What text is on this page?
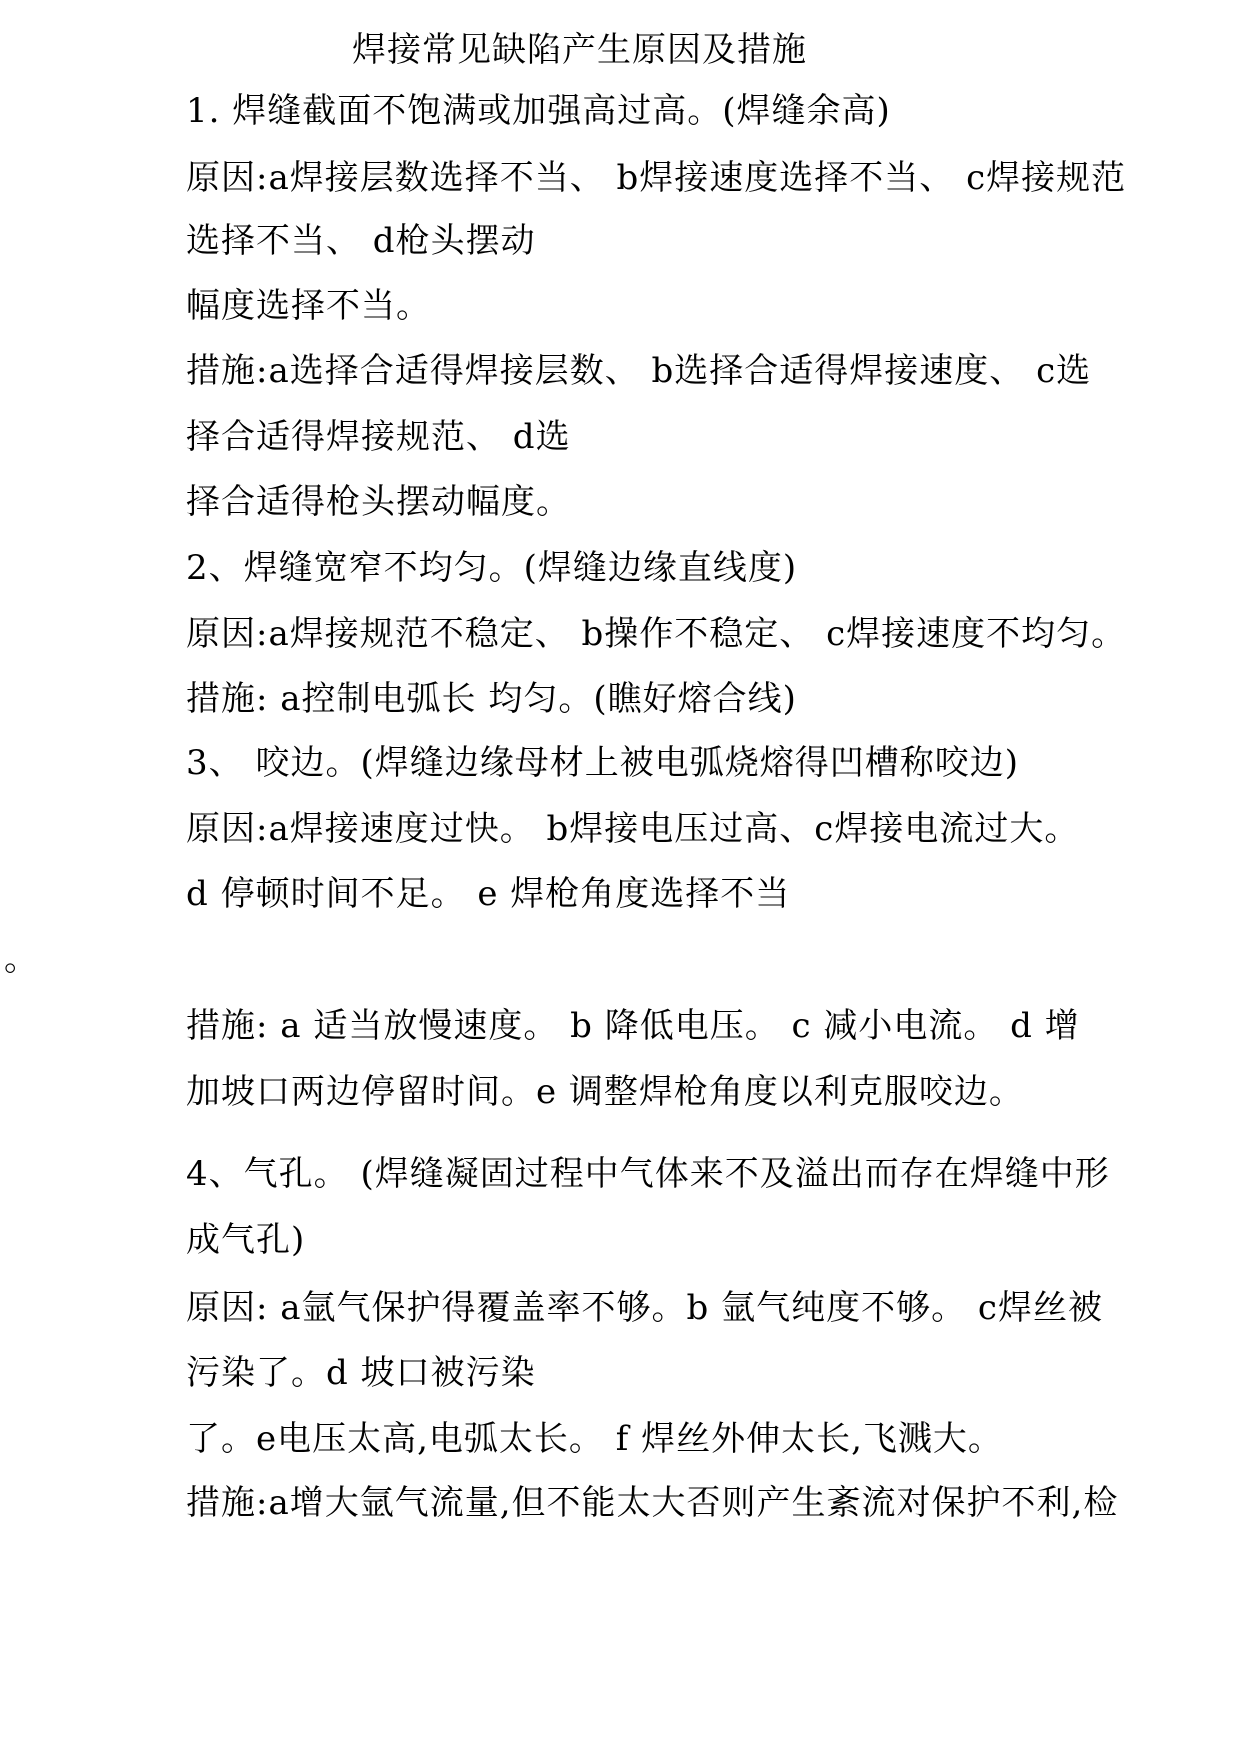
焊接常见缺陷产生原因及措施
1. 焊缝截面不饱满或加强高过高。(焊缝余高)
原因:a焊接层数选择不当、 b焊接速度选择不当、 c焊接规范
选择不当、 d枪头摆动
幅度选择不当。
措施:a选择合适得焊接层数、 b选择合适得焊接速度、 c选
择合适得焊接规范、 d选
择合适得枪头摆动幅度。
2、焊缝宽窄不均匀。(焊缝边缘直线度)
原因:a焊接规范不稳定、 b操作不稳定、 c焊接速度不均匀。
措施: a控制电弧长 均匀。(瞧好熔合线)
3、 咬边。(焊缝边缘母材上被电弧烧熔得凹槽称咬边)
原因:a焊接速度过快。 b焊接电压过高、c焊接电流过大。
d 停顿时间不足。 e 焊枪角度选择不当
。
措施: a 适当放慢速度。 b 降低电压。 c 减小电流。 d 增
加坡口两边停留时间。e 调整焊枪角度以利克服咬边。
4、气孔。 (焊缝凝固过程中气体来不及溢出而存在焊缝中形
成气孔)
原因: a氩气保护得覆盖率不够。b 氩气纯度不够。 c焊丝被
污染了。d 坡口被污染
了。e电压太高,电弧太长。 f 焊丝外伸太长,飞溅大。
措施:a增大氩气流量,但不能太大否则产生紊流对保护不利,检
